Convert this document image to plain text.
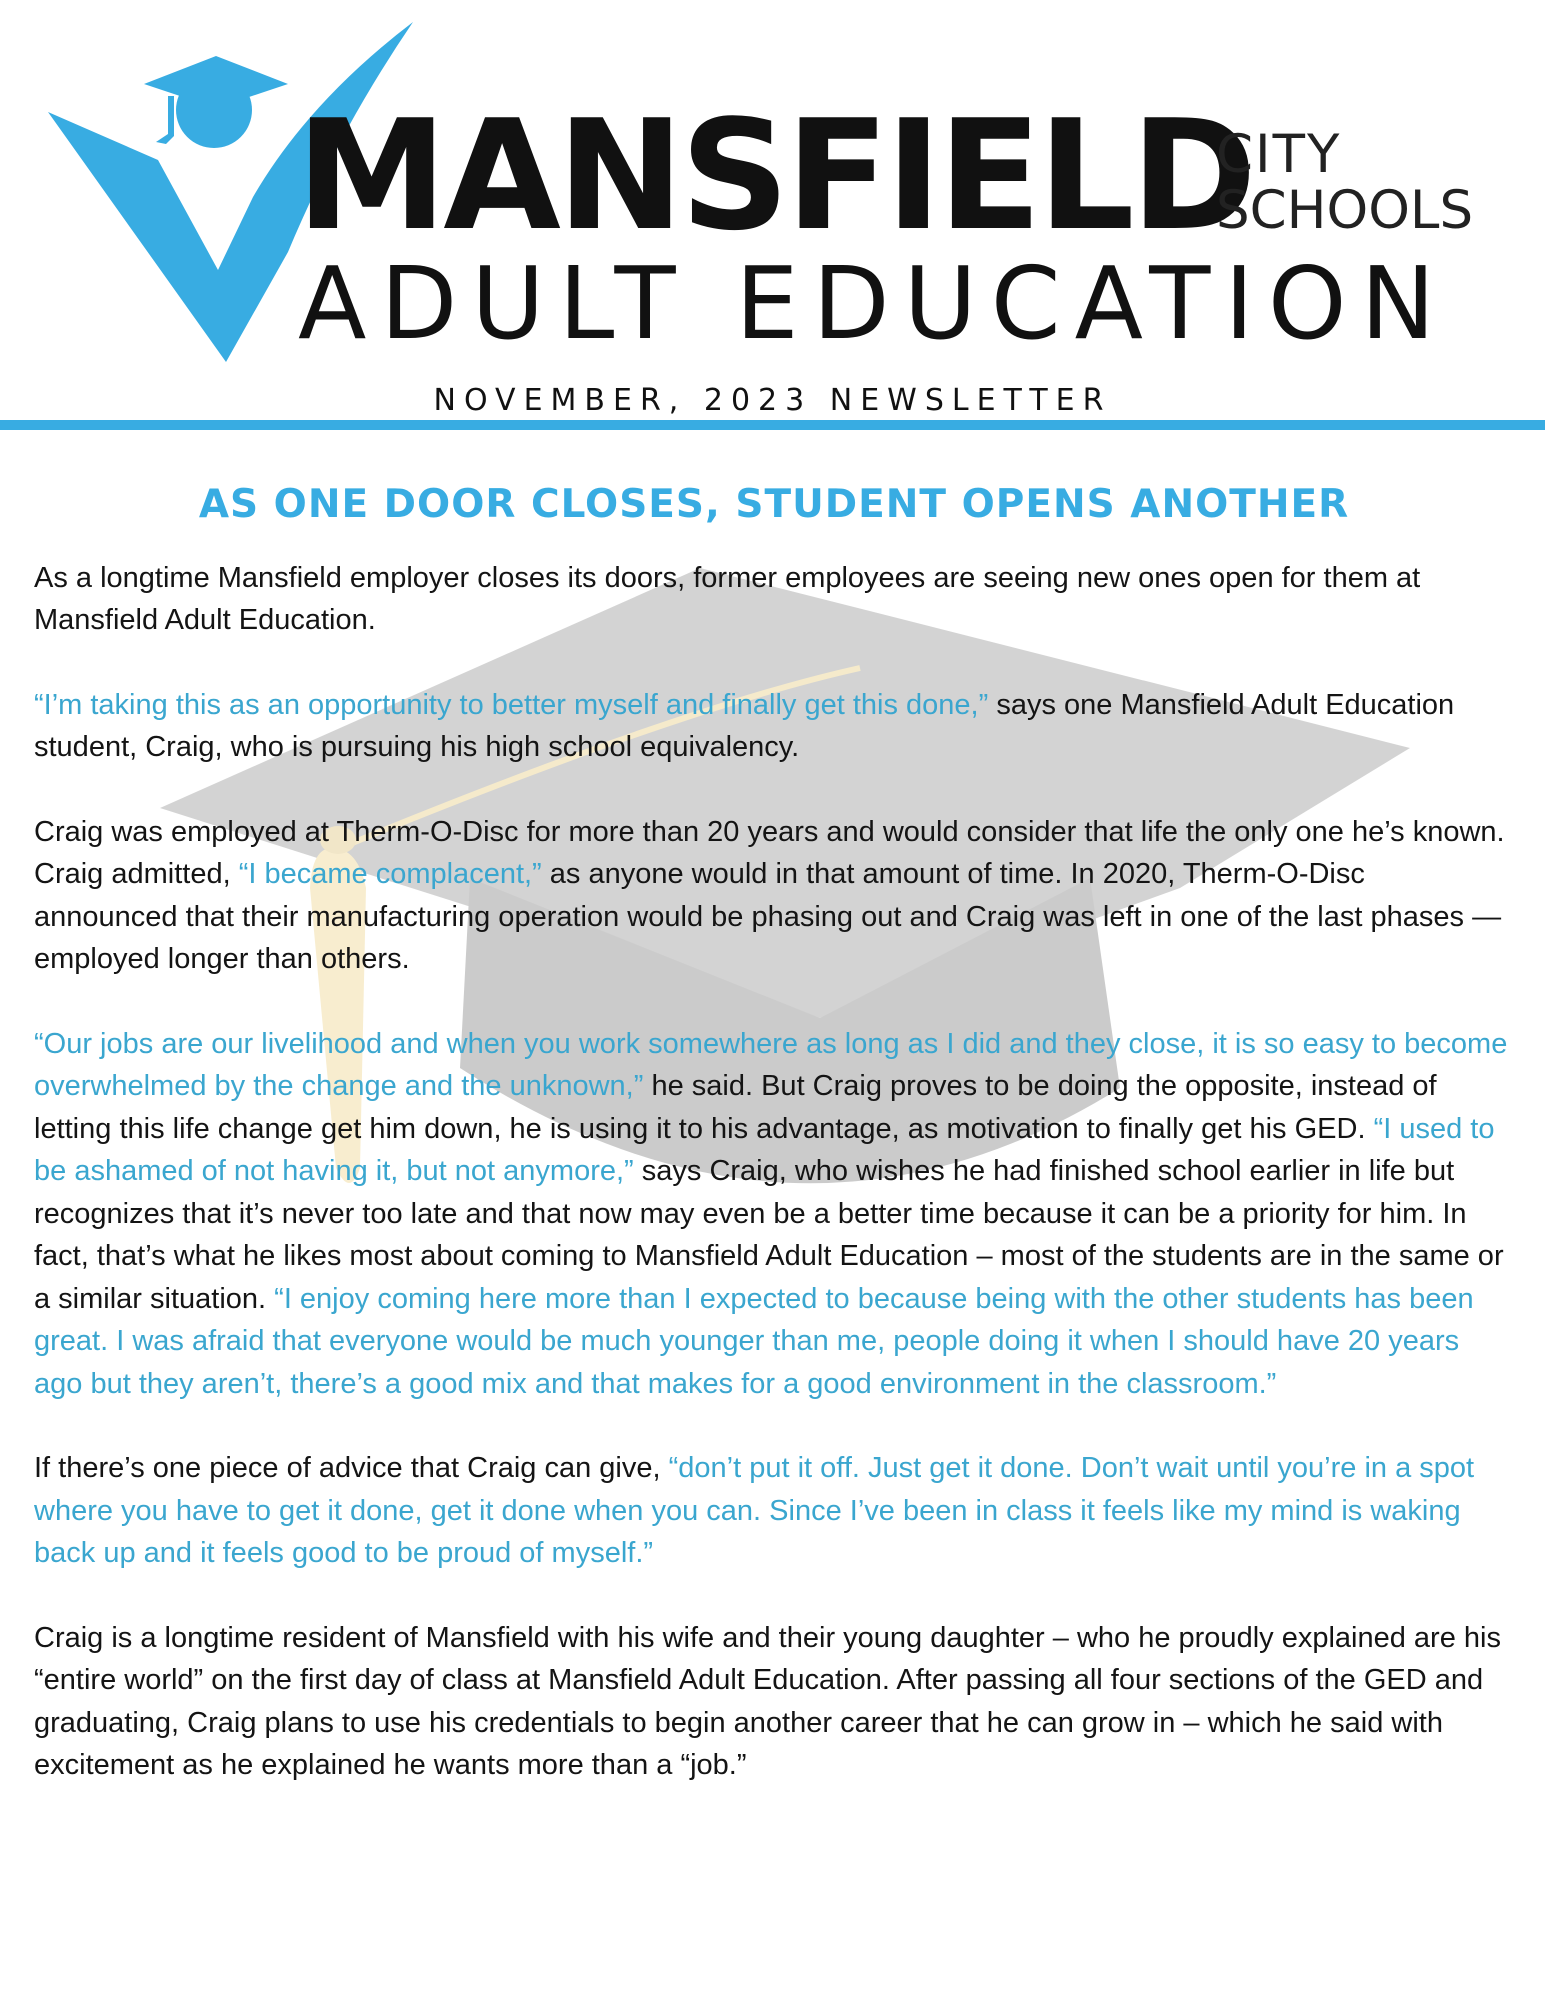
MANSFIELD
CITY
SCHOOLS
ADULT EDUCATION
NOVEMBER, 2023 NEWSLETTER
AS ONE DOOR CLOSES, STUDENT OPENS ANOTHER

As a longtime Mansfield employer closes its doors, former employees are seeing new ones open for them at Mansfield Adult Education.

“I’m taking this as an opportunity to better myself and finally get this done,” says one Mansfield Adult Education student, Craig, who is pursuing his high school equivalency.

Craig was employed at Therm-O-Disc for more than 20 years and would consider that life the only one he’s known. Craig admitted, “I became complacent,” as anyone would in that amount of time. In 2020, Therm-O-Disc announced that their manufacturing operation would be phasing out and Craig was left in one of the last phases — employed longer than others.

“Our jobs are our livelihood and when you work somewhere as long as I did and they close, it is so easy to become overwhelmed by the change and the unknown,” he said. But Craig proves to be doing the opposite, instead of letting this life change get him down, he is using it to his advantage, as motivation to finally get his GED. “I used to be ashamed of not having it, but not anymore,” says Craig, who wishes he had finished school earlier in life but recognizes that it’s never too late and that now may even be a better time because it can be a priority for him. In fact, that’s what he likes most about coming to Mansfield Adult Education – most of the students are in the same or a similar situation. “I enjoy coming here more than I expected to because being with the other students has been great. I was afraid that everyone would be much younger than me, people doing it when I should have 20 years ago but they aren’t, there’s a good mix and that makes for a good environment in the classroom.”

If there’s one piece of advice that Craig can give, “don’t put it off. Just get it done. Don’t wait until you’re in a spot where you have to get it done, get it done when you can. Since I’ve been in class it feels like my mind is waking back up and it feels good to be proud of myself.”

Craig is a longtime resident of Mansfield with his wife and their young daughter – who he proudly explained are his “entire world” on the first day of class at Mansfield Adult Education. After passing all four sections of the GED and graduating, Craig plans to use his credentials to begin another career that he can grow in – which he said with excitement as he explained he wants more than a “job.”
